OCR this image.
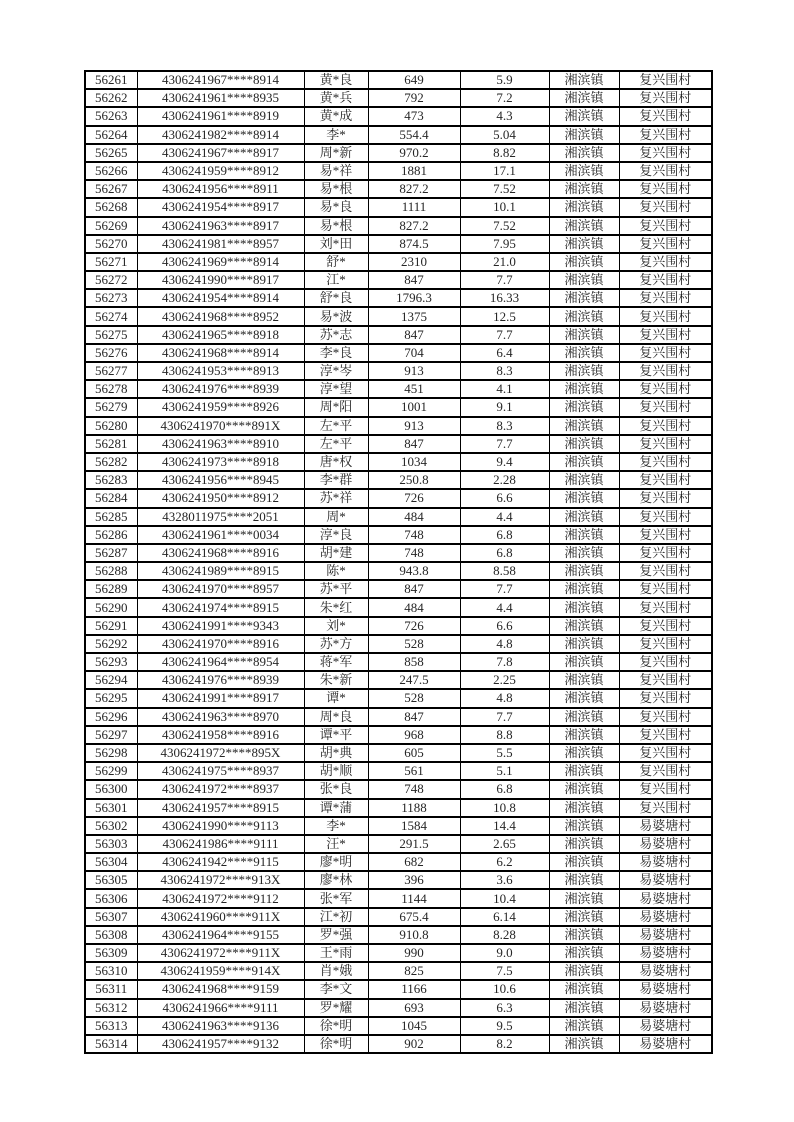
56261	4306241967****8914	黄*良	649	5.9	湘滨镇	复兴围村
56262	4306241961****8935	黄*兵	792	7.2	湘滨镇	复兴围村
56263	4306241961****8919	黄*成	473	4.3	湘滨镇	复兴围村
56264	4306241982****8914	李*	554.4	5.04	湘滨镇	复兴围村
56265	4306241967****8917	周*新	970.2	8.82	湘滨镇	复兴围村
56266	4306241959****8912	易*祥	1881	17.1	湘滨镇	复兴围村
56267	4306241956****8911	易*根	827.2	7.52	湘滨镇	复兴围村
56268	4306241954****8917	易*良	1111	10.1	湘滨镇	复兴围村
56269	4306241963****8917	易*根	827.2	7.52	湘滨镇	复兴围村
56270	4306241981****8957	刘*田	874.5	7.95	湘滨镇	复兴围村
56271	4306241969****8914	舒*	2310	21.0	湘滨镇	复兴围村
56272	4306241990****8917	江*	847	7.7	湘滨镇	复兴围村
56273	4306241954****8914	舒*良	1796.3	16.33	湘滨镇	复兴围村
56274	4306241968****8952	易*波	1375	12.5	湘滨镇	复兴围村
56275	4306241965****8918	苏*志	847	7.7	湘滨镇	复兴围村
56276	4306241968****8914	李*良	704	6.4	湘滨镇	复兴围村
56277	4306241953****8913	淳*岑	913	8.3	湘滨镇	复兴围村
56278	4306241976****8939	淳*望	451	4.1	湘滨镇	复兴围村
56279	4306241959****8926	周*阳	1001	9.1	湘滨镇	复兴围村
56280	4306241970****891X	左*平	913	8.3	湘滨镇	复兴围村
56281	4306241963****8910	左*平	847	7.7	湘滨镇	复兴围村
56282	4306241973****8918	唐*权	1034	9.4	湘滨镇	复兴围村
56283	4306241956****8945	李*群	250.8	2.28	湘滨镇	复兴围村
56284	4306241950****8912	苏*祥	726	6.6	湘滨镇	复兴围村
56285	4328011975****2051	周*	484	4.4	湘滨镇	复兴围村
56286	4306241961****0034	淳*良	748	6.8	湘滨镇	复兴围村
56287	4306241968****8916	胡*建	748	6.8	湘滨镇	复兴围村
56288	4306241989****8915	陈*	943.8	8.58	湘滨镇	复兴围村
56289	4306241970****8957	苏*平	847	7.7	湘滨镇	复兴围村
56290	4306241974****8915	朱*红	484	4.4	湘滨镇	复兴围村
56291	4306241991****9343	刘*	726	6.6	湘滨镇	复兴围村
56292	4306241970****8916	苏*方	528	4.8	湘滨镇	复兴围村
56293	4306241964****8954	蒋*军	858	7.8	湘滨镇	复兴围村
56294	4306241976****8939	朱*新	247.5	2.25	湘滨镇	复兴围村
56295	4306241991****8917	谭*	528	4.8	湘滨镇	复兴围村
56296	4306241963****8970	周*良	847	7.7	湘滨镇	复兴围村
56297	4306241958****8916	谭*平	968	8.8	湘滨镇	复兴围村
56298	4306241972****895X	胡*典	605	5.5	湘滨镇	复兴围村
56299	4306241975****8937	胡*顺	561	5.1	湘滨镇	复兴围村
56300	4306241972****8937	张*良	748	6.8	湘滨镇	复兴围村
56301	4306241957****8915	谭*蒲	1188	10.8	湘滨镇	复兴围村
56302	4306241990****9113	李*	1584	14.4	湘滨镇	易婆塘村
56303	4306241986****9111	汪*	291.5	2.65	湘滨镇	易婆塘村
56304	4306241942****9115	廖*明	682	6.2	湘滨镇	易婆塘村
56305	4306241972****913X	廖*林	396	3.6	湘滨镇	易婆塘村
56306	4306241972****9112	张*军	1144	10.4	湘滨镇	易婆塘村
56307	4306241960****911X	江*初	675.4	6.14	湘滨镇	易婆塘村
56308	4306241964****9155	罗*强	910.8	8.28	湘滨镇	易婆塘村
56309	4306241972****911X	王*雨	990	9.0	湘滨镇	易婆塘村
56310	4306241959****914X	肖*娥	825	7.5	湘滨镇	易婆塘村
56311	4306241968****9159	李*文	1166	10.6	湘滨镇	易婆塘村
56312	4306241966****9111	罗*耀	693	6.3	湘滨镇	易婆塘村
56313	4306241963****9136	徐*明	1045	9.5	湘滨镇	易婆塘村
56314	4306241957****9132	徐*明	902	8.2	湘滨镇	易婆塘村
